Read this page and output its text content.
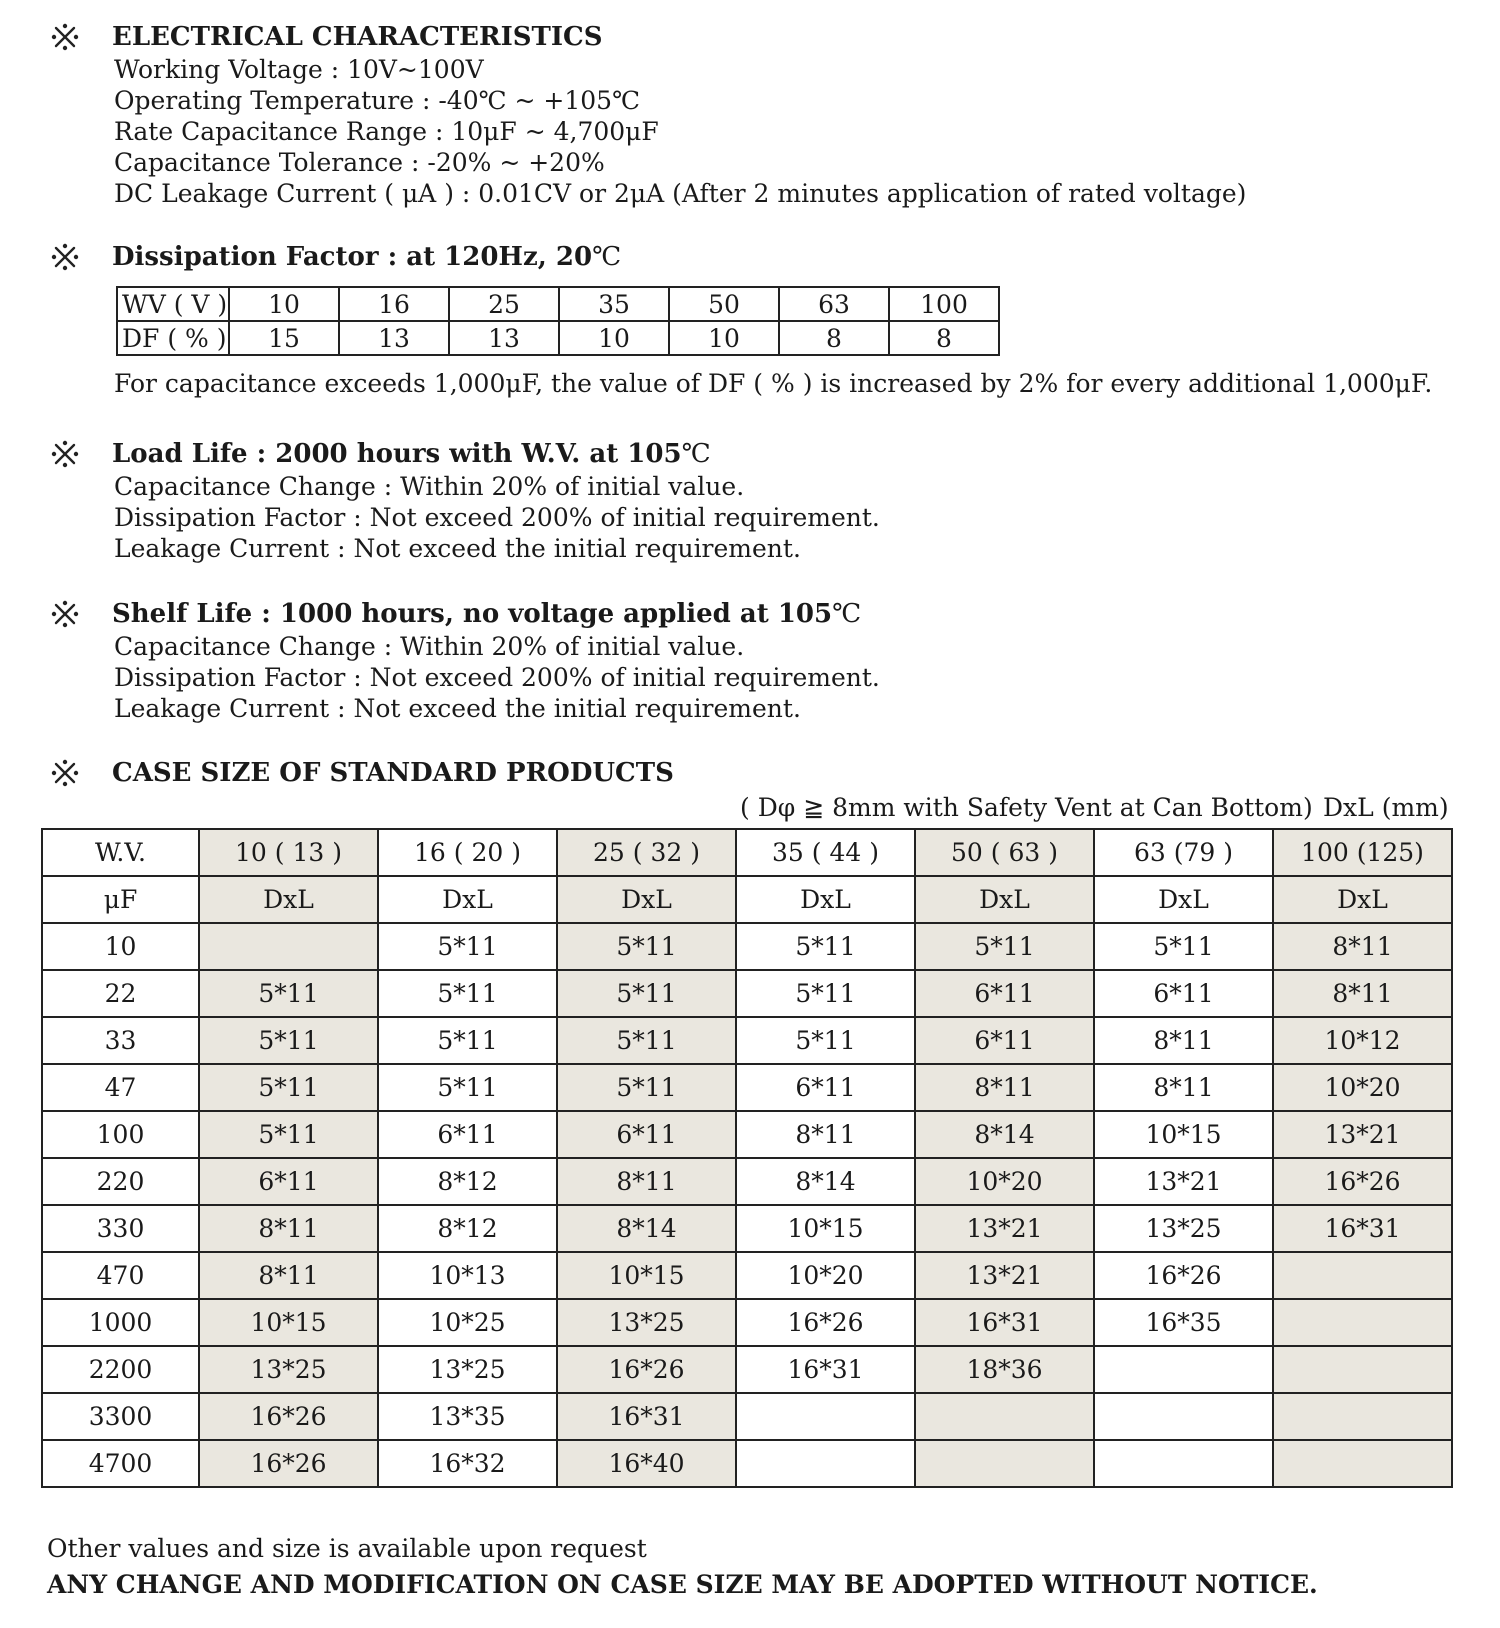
ELECTRICAL CHARACTERISTICS
Working Voltage : 10V~100V
Operating Temperature : -40℃ ~ +105℃
Rate Capacitance Range : 10μF ~ 4,700μF
Capacitance Tolerance : -20% ~ +20%
DC Leakage Current ( μA ) : 0.01CV or 2μA (After 2 minutes application of rated voltage)
Dissipation Factor : at 120Hz, 20℃
WV ( V )	10	16	25	35	50	63	100
DF ( % )	15	13	13	10	10	8	8
For capacitance exceeds 1,000μF, the value of DF ( % ) is increased by 2% for every additional 1,000μF.
Load Life : 2000 hours with W.V. at 105℃
Capacitance Change : Within 20% of initial value.
Dissipation Factor : Not exceed 200% of initial requirement.
Leakage Current : Not exceed the initial requirement.
Shelf Life : 1000 hours, no voltage applied at 105℃
Capacitance Change : Within 20% of initial value.
Dissipation Factor : Not exceed 200% of initial requirement.
Leakage Current : Not exceed the initial requirement.
CASE SIZE OF STANDARD PRODUCTS
( Dφ ≧ 8mm with Safety Vent at Can Bottom) DxL (mm)
W.V.	10 ( 13 )	16 ( 20 )	25 ( 32 )	35 ( 44 )	50 ( 63 )	63 (79 )	100 (125)
μF	DxL	DxL	DxL	DxL	DxL	DxL	DxL
10		5*11	5*11	5*11	5*11	5*11	8*11
22	5*11	5*11	5*11	5*11	6*11	6*11	8*11
33	5*11	5*11	5*11	5*11	6*11	8*11	10*12
47	5*11	5*11	5*11	6*11	8*11	8*11	10*20
100	5*11	6*11	6*11	8*11	8*14	10*15	13*21
220	6*11	8*12	8*11	8*14	10*20	13*21	16*26
330	8*11	8*12	8*14	10*15	13*21	13*25	16*31
470	8*11	10*13	10*15	10*20	13*21	16*26	
1000	10*15	10*25	13*25	16*26	16*31	16*35	
2200	13*25	13*25	16*26	16*31	18*36		
3300	16*26	13*35	16*31				
4700	16*26	16*32	16*40				
Other values and size is available upon request
ANY CHANGE AND MODIFICATION ON CASE SIZE MAY BE ADOPTED WITHOUT NOTICE.
